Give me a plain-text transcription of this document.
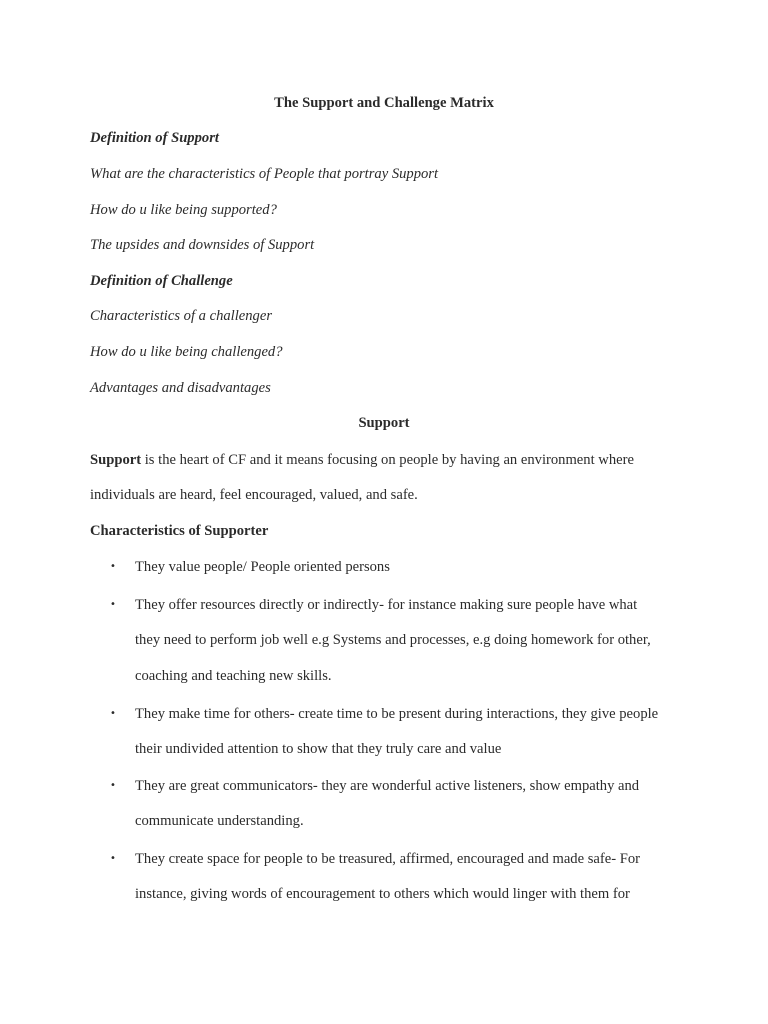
The Support and Challenge Matrix
Definition of Support
What are the characteristics of People that portray Support
How do u like being supported?
The upsides and downsides of Support
Definition of Challenge
Characteristics of a challenger
How do u like being challenged?
Advantages and disadvantages
Support
Support is the heart of CF and it means focusing on people by having an environment where
individuals are heard, feel encouraged, valued, and safe.
Characteristics of Supporter
• They value people/ People oriented persons
• They offer resources directly or indirectly- for instance making sure people have what
they need to perform job well e.g Systems and processes, e.g doing homework for other,
coaching and teaching new skills.
• They make time for others- create time to be present during interactions, they give people
their undivided attention to show that they truly care and value
• They are great communicators- they are wonderful active listeners, show empathy and
communicate understanding.
• They create space for people to be treasured, affirmed, encouraged and made safe- For
instance, giving words of encouragement to others which would linger with them for
